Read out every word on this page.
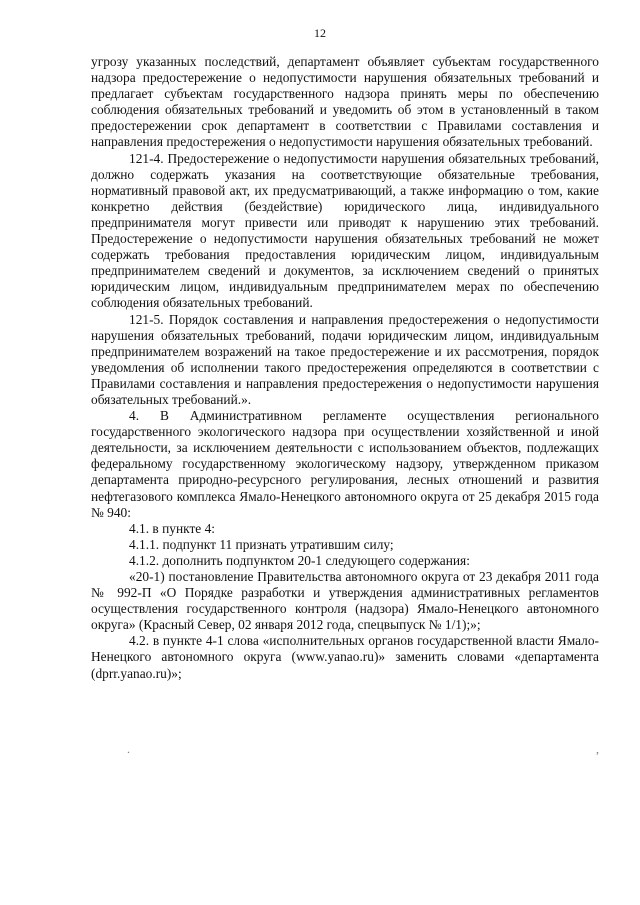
12

угрозу указанных последствий, департамент объявляет субъектам государственного надзора предостережение о недопустимости нарушения обязательных требований и предлагает субъектам государственного надзора принять меры по обеспечению соблюдения обязательных требований и уведомить об этом в установленный в таком предостережении срок департамент в соответствии с Правилами составления и направления предостережения о недопустимости нарушения обязательных требований.

121-4. Предостережение о недопустимости нарушения обязательных требований, должно содержать указания на соответствующие обязательные требования, нормативный правовой акт, их предусматривающий, а также информацию о том, какие конкретно действия (бездействие) юридического лица, индивидуального предпринимателя могут привести или приводят к нарушению этих требований. Предостережение о недопустимости нарушения обязательных требований не может содержать требования предоставления юридическим лицом, индивидуальным предпринимателем сведений и документов, за исключением сведений о принятых юридическим лицом, индивидуальным предпринимателем мерах по обеспечению соблюдения обязательных требований.

121-5. Порядок составления и направления предостережения о недопустимости нарушения обязательных требований, подачи юридическим лицом, индивидуальным предпринимателем возражений на такое предостережение и их рассмотрения, порядок уведомления об исполнении такого предостережения определяются в соответствии с Правилами составления и направления предостережения о недопустимости нарушения обязательных требований.».

4. В Административном регламенте осуществления регионального государственного экологического надзора при осуществлении хозяйственной и иной деятельности, за исключением деятельности с использованием объектов, подлежащих федеральному государственному экологическому надзору, утвержденном приказом департамента природно-ресурсного регулирования, лесных отношений и развития нефтегазового комплекса Ямало-Ненецкого автономного округа от 25 декабря 2015 года № 940:

4.1. в пункте 4:

4.1.1. подпункт 11 признать утратившим силу;

4.1.2. дополнить подпунктом 20-1 следующего содержания:

«20-1) постановление Правительства автономного округа от 23 декабря 2011 года № 992-П «О Порядке разработки и утверждения административных регламентов осуществления государственного контроля (надзора) Ямало-Ненецкого автономного округа» (Красный Север, 02 января 2012 года, спецвыпуск № 1/1);»;

4.2. в пункте 4-1 слова «исполнительных органов государственной власти Ямало-Ненецкого автономного округа (www.yanao.ru)» заменить словами «департамента (dprr.yanao.ru)»;

.	,
